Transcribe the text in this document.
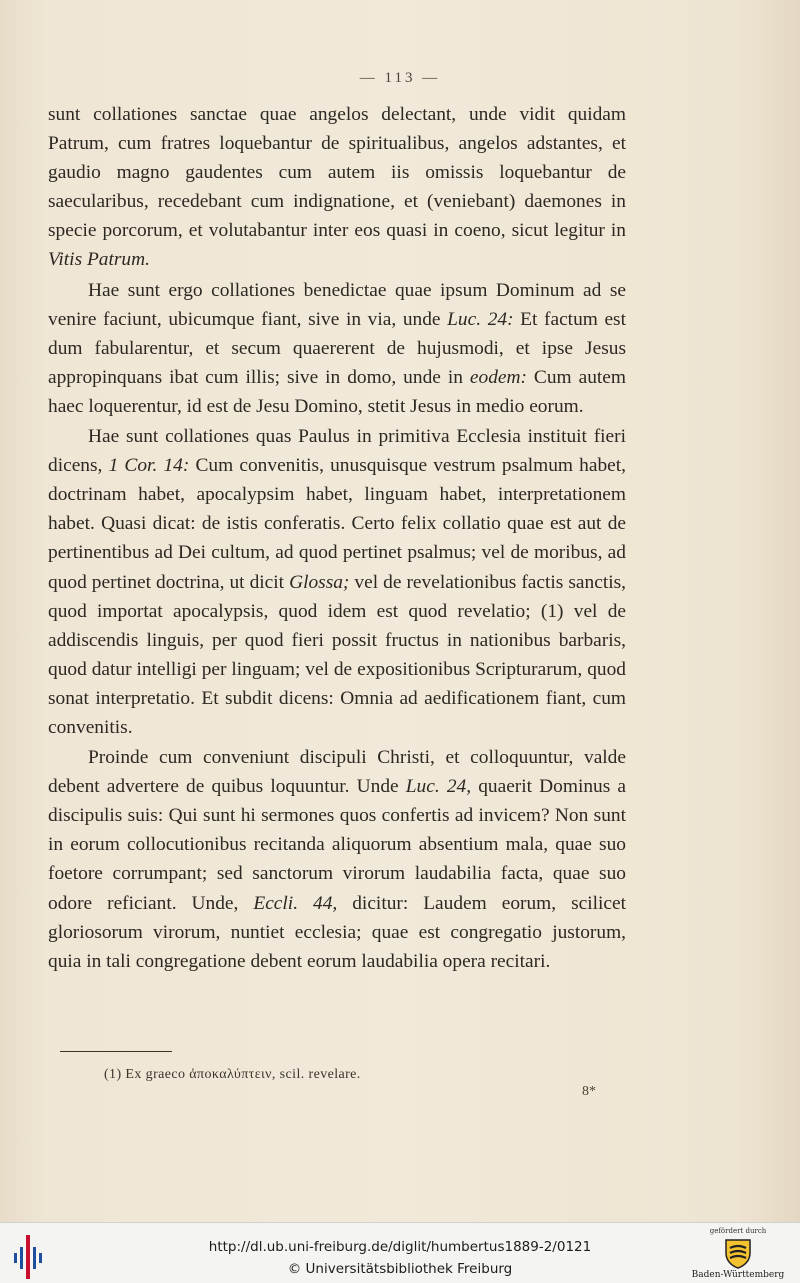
— 113 —

sunt collationes sanctae quae angelos delectant, unde vidit quidam Patrum, cum fratres loquebantur de spiritualibus, angelos adstantes, et gaudio magno gaudentes cum autem iis omissis loquebantur de saecularibus, recedebant cum indignatione, et (veniebant) daemones in specie porcorum, et volutabantur inter eos quasi in coeno, sicut legitur in Vitis Patrum.

Hae sunt ergo collationes benedictae quae ipsum Dominum ad se venire faciunt, ubicumque fiant, sive in via, unde Luc. 24: Et factum est dum fabularentur, et secum quaererent de hujusmodi, et ipse Jesus appropinquans ibat cum illis; sive in domo, unde in eodem: Cum autem haec loquerentur, id est de Jesu Domino, stetit Jesus in medio eorum.

Hae sunt collationes quas Paulus in primitiva Ecclesia instituit fieri dicens, 1 Cor. 14: Cum convenitis, unusquisque vestrum psalmum habet, doctrinam habet, apocalypsim habet, linguam habet, interpretationem habet. Quasi dicat: de istis conferatis. Certo felix collatio quae est aut de pertinentibus ad Dei cultum, ad quod pertinet psalmus; vel de moribus, ad quod pertinet doctrina, ut dicit Glossa; vel de revelationibus factis sanctis, quod importat apocalypsis, quod idem est quod revelatio; (1) vel de addiscendis linguis, per quod fieri possit fructus in nationibus barbaris, quod datur intelligi per linguam; vel de expositionibus Scripturarum, quod sonat interpretatio. Et subdit dicens: Omnia ad aedificationem fiant, cum convenitis.

Proinde cum conveniunt discipuli Christi, et colloquuntur, valde debent advertere de quibus loquuntur. Unde Luc. 24, quaerit Dominus a discipulis suis: Qui sunt hi sermones quos confertis ad invicem? Non sunt in eorum collocutionibus recitanda aliquorum absentium mala, quae suo foetore corrumpant; sed sanctorum virorum laudabilia facta, quae suo odore reficiant. Unde, Eccli. 44, dicitur: Laudem eorum, scilicet gloriosorum virorum, nuntiet ecclesia; quae est congregatio justorum, quia in tali congregatione debent eorum laudabilia opera recitari.

(1) Ex graeco ἀποκαλύπτειν, scil. revelare.
8*
http://dl.ub.uni-freiburg.de/diglit/humbertus1889-2/0121
© Universitätsbibliothek Freiburg
gefördert durch
Baden-Württemberg
